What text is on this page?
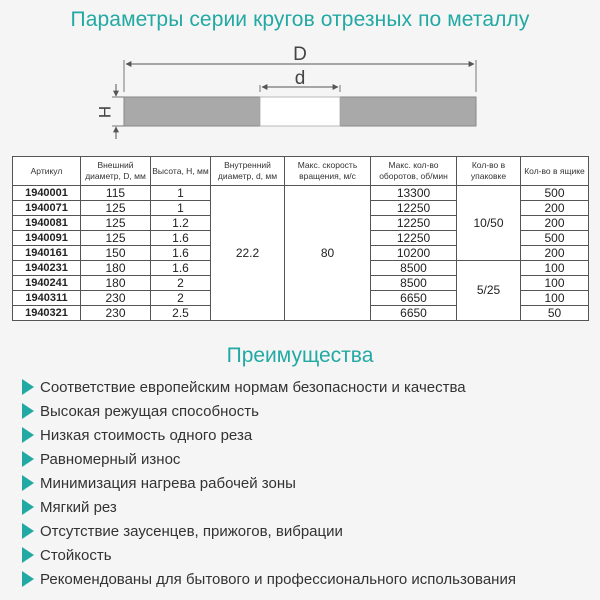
Параметры серии кругов отрезных по металлу
D
d
H
Артикул	Внешний диаметр, D, мм	Высота, H, мм	Внутренний диаметр, d, мм	Макс. скорость вращения, м/с	Макс. кол-во оборотов, об/мин	Кол-во в упаковке	Кол-во в ящике
1940001	115	1	22.2	80	13300	10/50	500
1940071	125	1			12250		200
1940081	125	1.2			12250		200
1940091	125	1.6			12250		500
1940161	150	1.6			10200		200
1940231	180	1.6			8500	5/25	100
1940241	180	2			8500		100
1940311	230	2			6650		100
1940321	230	2.5			6650		50
Преимущества
Соответствие европейским нормам безопасности и качества
Высокая режущая способность
Низкая стоимость одного реза
Равномерный износ
Минимизация нагрева рабочей зоны
Мягкий рез
Отсутствие заусенцев, прижогов, вибрации
Стойкость
Рекомендованы для бытового и профессионального использования
